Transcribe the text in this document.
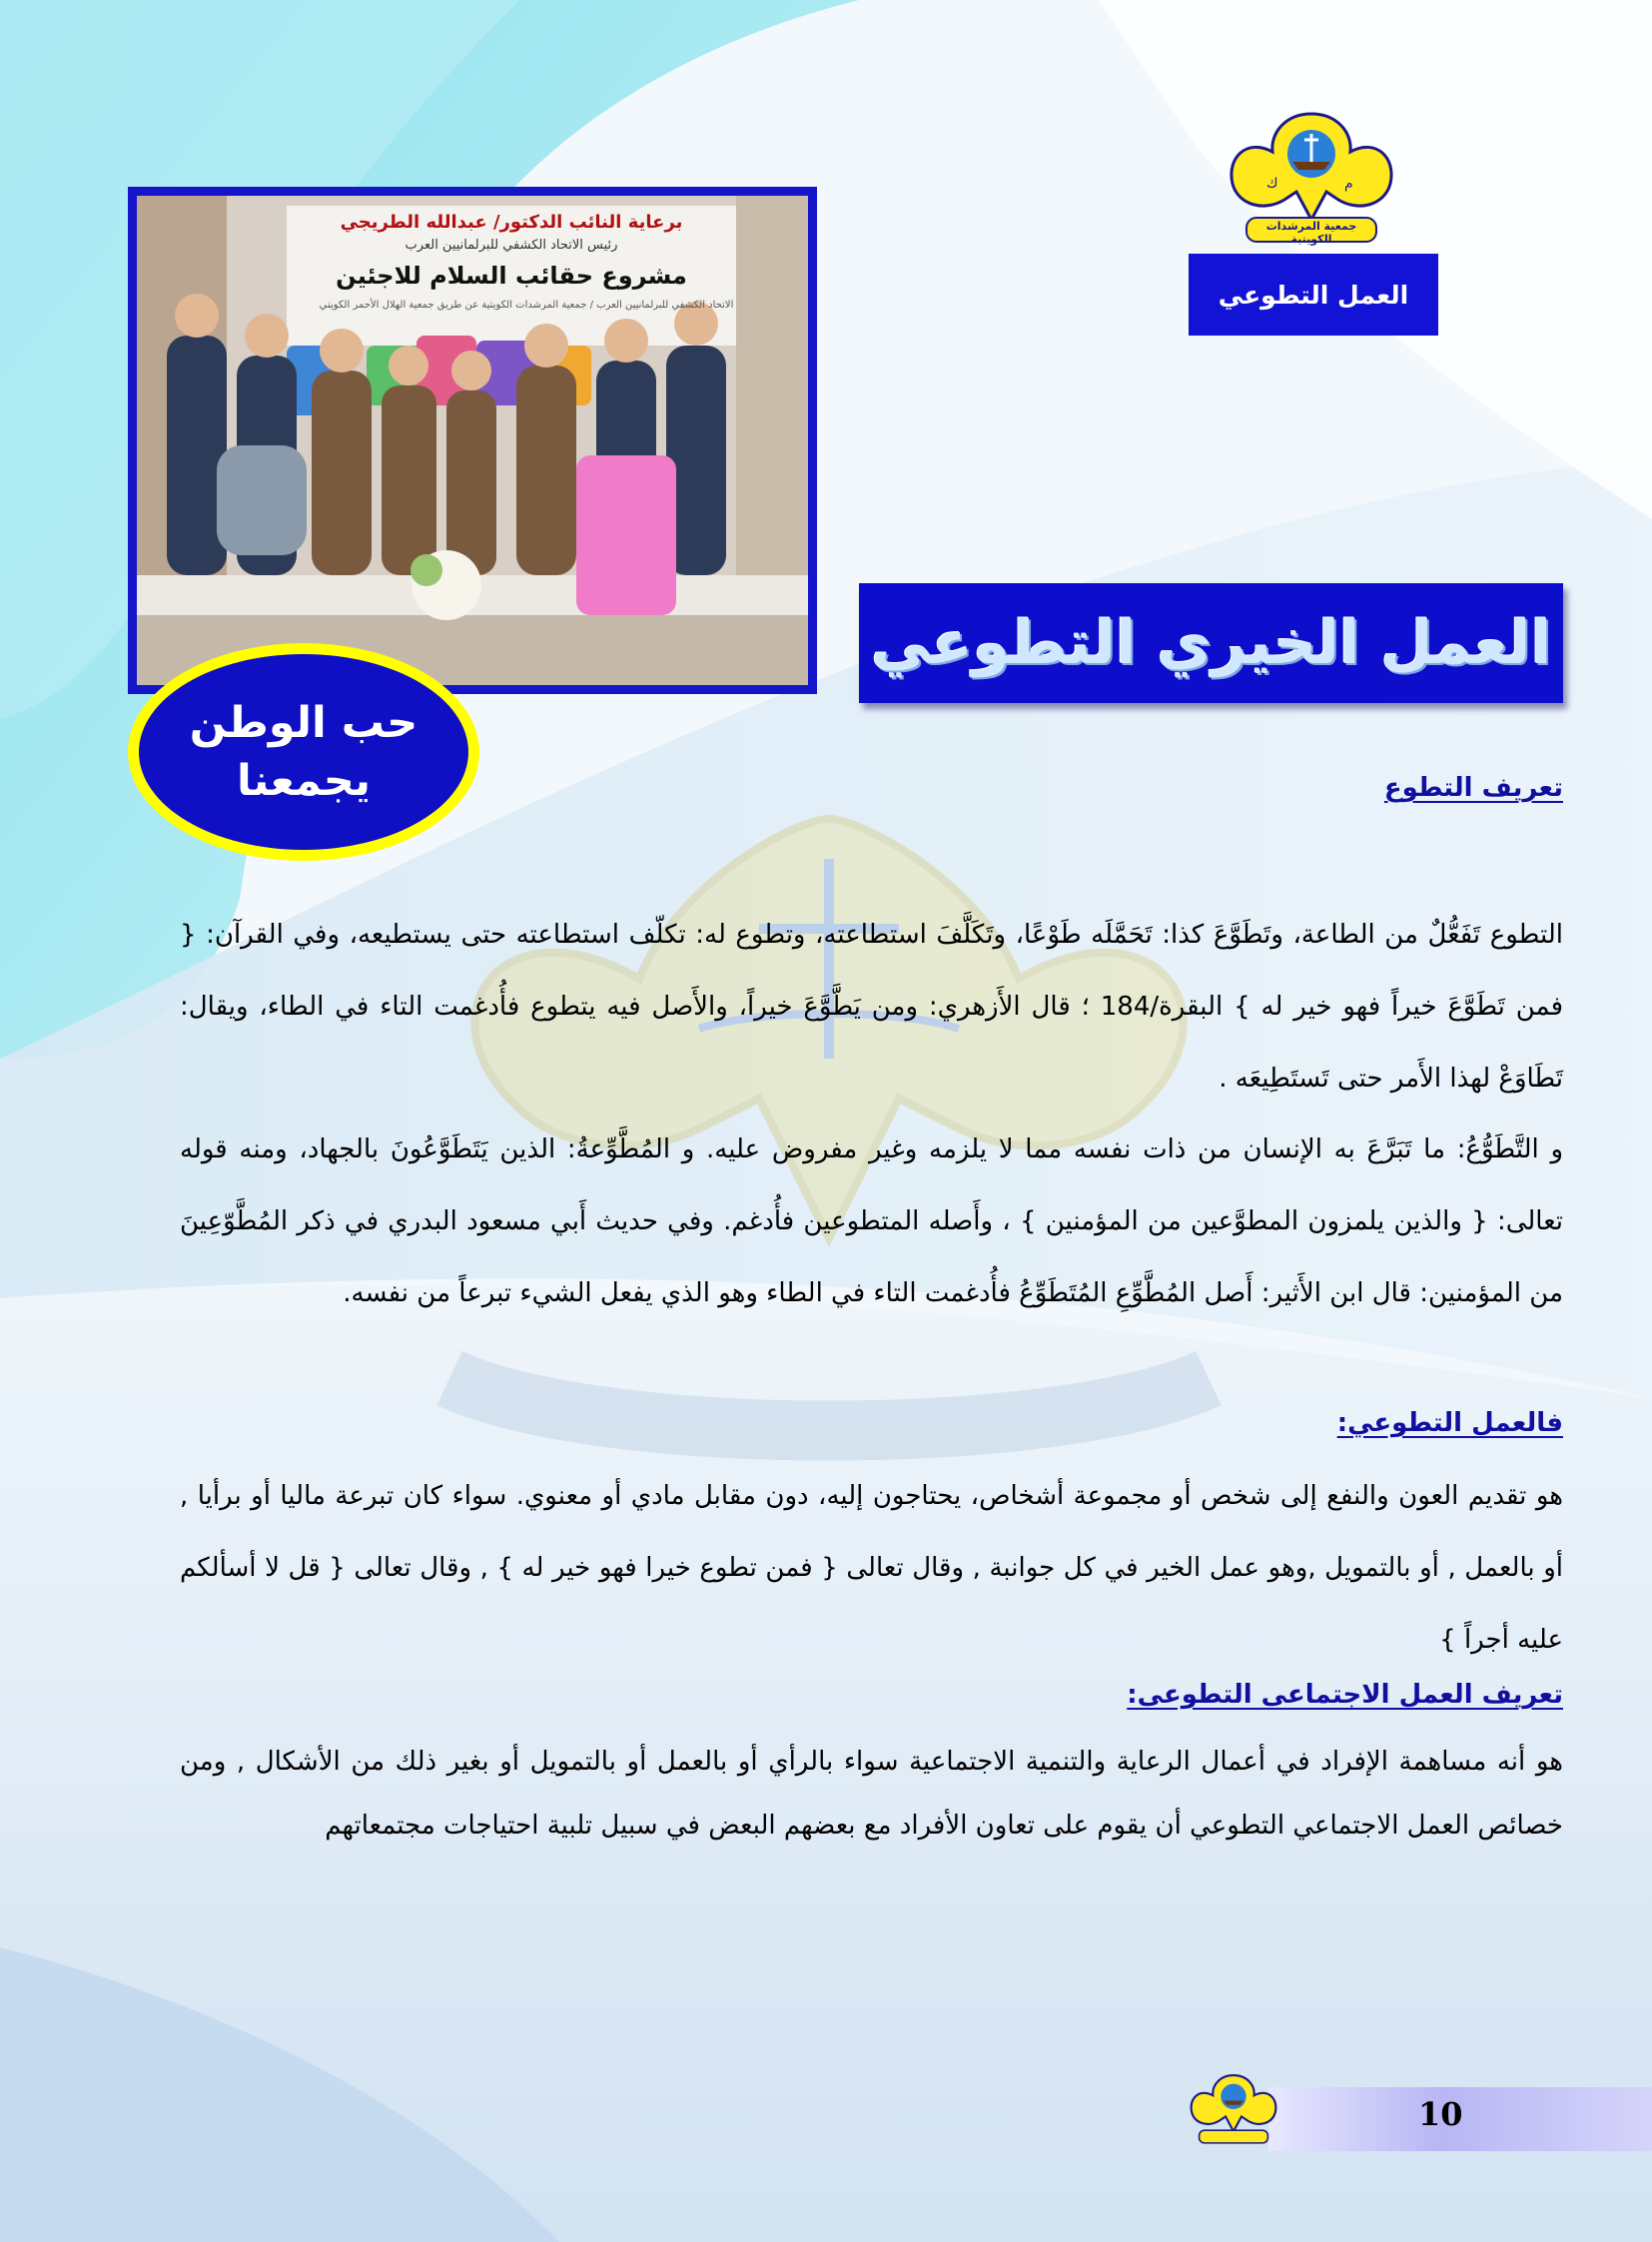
ك	م
جمعية المرشدات الكويتية
العمل التطوعي
برعاية النائب الدكتور/ عبدالله الطريجي
رئيس الاتحاد الكشفي للبرلمانيين العرب
مشروع حقائب السلام للاجئين
الاتحاد الكشفي للبرلمانيين العرب / جمعية المرشدات الكويتية عن طريق جمعية الهلال الأحمر الكويتي
حب الوطن
يجمعنا
العمل الخيري التطوعي
تعريف التطوع
التطوع تَفَعُّلٌ من الطاعة، وتَطَوَّعَ كذا: تَحَمَّلَه طَوْعًا، وتَكَلَّفَ استطاعته، وتطوع له: تكلّف استطاعته حتى يستطيعه، وفي القرآن: { فمن تَطَوَّعَ خيراً فهو خير له } البقرة/184 ؛ قال الأَزهري: ومن يَطَّوَّعَ خيراً، والأَصل فيه يتطوع فأُدغمت التاء في الطاء، ويقال: تَطَاوَعْ لهذا الأَمر حتى تَستَطِيعَه .
و التَّطَوُّعُ: ما تَبَرَّعَ به الإنسان من ذات نفسه مما لا يلزمه وغير مفروض عليه. و المُطَّوِّعةُ: الذين يَتَطَوَّعُونَ بالجهاد، ومنه قوله تعالى: { والذين يلمزون المطوَّعين من المؤمنين } ، وأَصله المتطوعين فأُدغم. وفي حديث أَبي مسعود البدري في ذكر المُطَّوّعِينَ من المؤمنين: قال ابن الأَثير: أَصل المُطَّوِّعِ المُتَطَوِّعُ فأُدغمت التاء في الطاء وهو الذي يفعل الشيء تبرعاً من نفسه.
فالعمل التطوعي:
هو تقديم العون والنفع إلى شخص أو مجموعة أشخاص، يحتاجون إليه، دون مقابل مادي أو معنوي. سواء كان تبرعة ماليا أو برأيا , أو بالعمل , أو بالتمويل ,وهو عمل الخير في كل جوانبة , وقال تعالى { فمن تطوع خيرا فهو خير له } , وقال تعالى { قل لا أسألكم عليه أجراً }
تعريف العمل الاجتماعى التطوعى:
هو أنه مساهمة الإفراد في أعمال الرعاية والتنمية الاجتماعية سواء بالرأي أو بالعمل أو بالتمويل أو بغير ذلك من الأشكال , ومن خصائص العمل الاجتماعي التطوعي أن يقوم على تعاون الأفراد مع بعضهم البعض في سبيل تلبية احتياجات مجتمعاتهم
10
